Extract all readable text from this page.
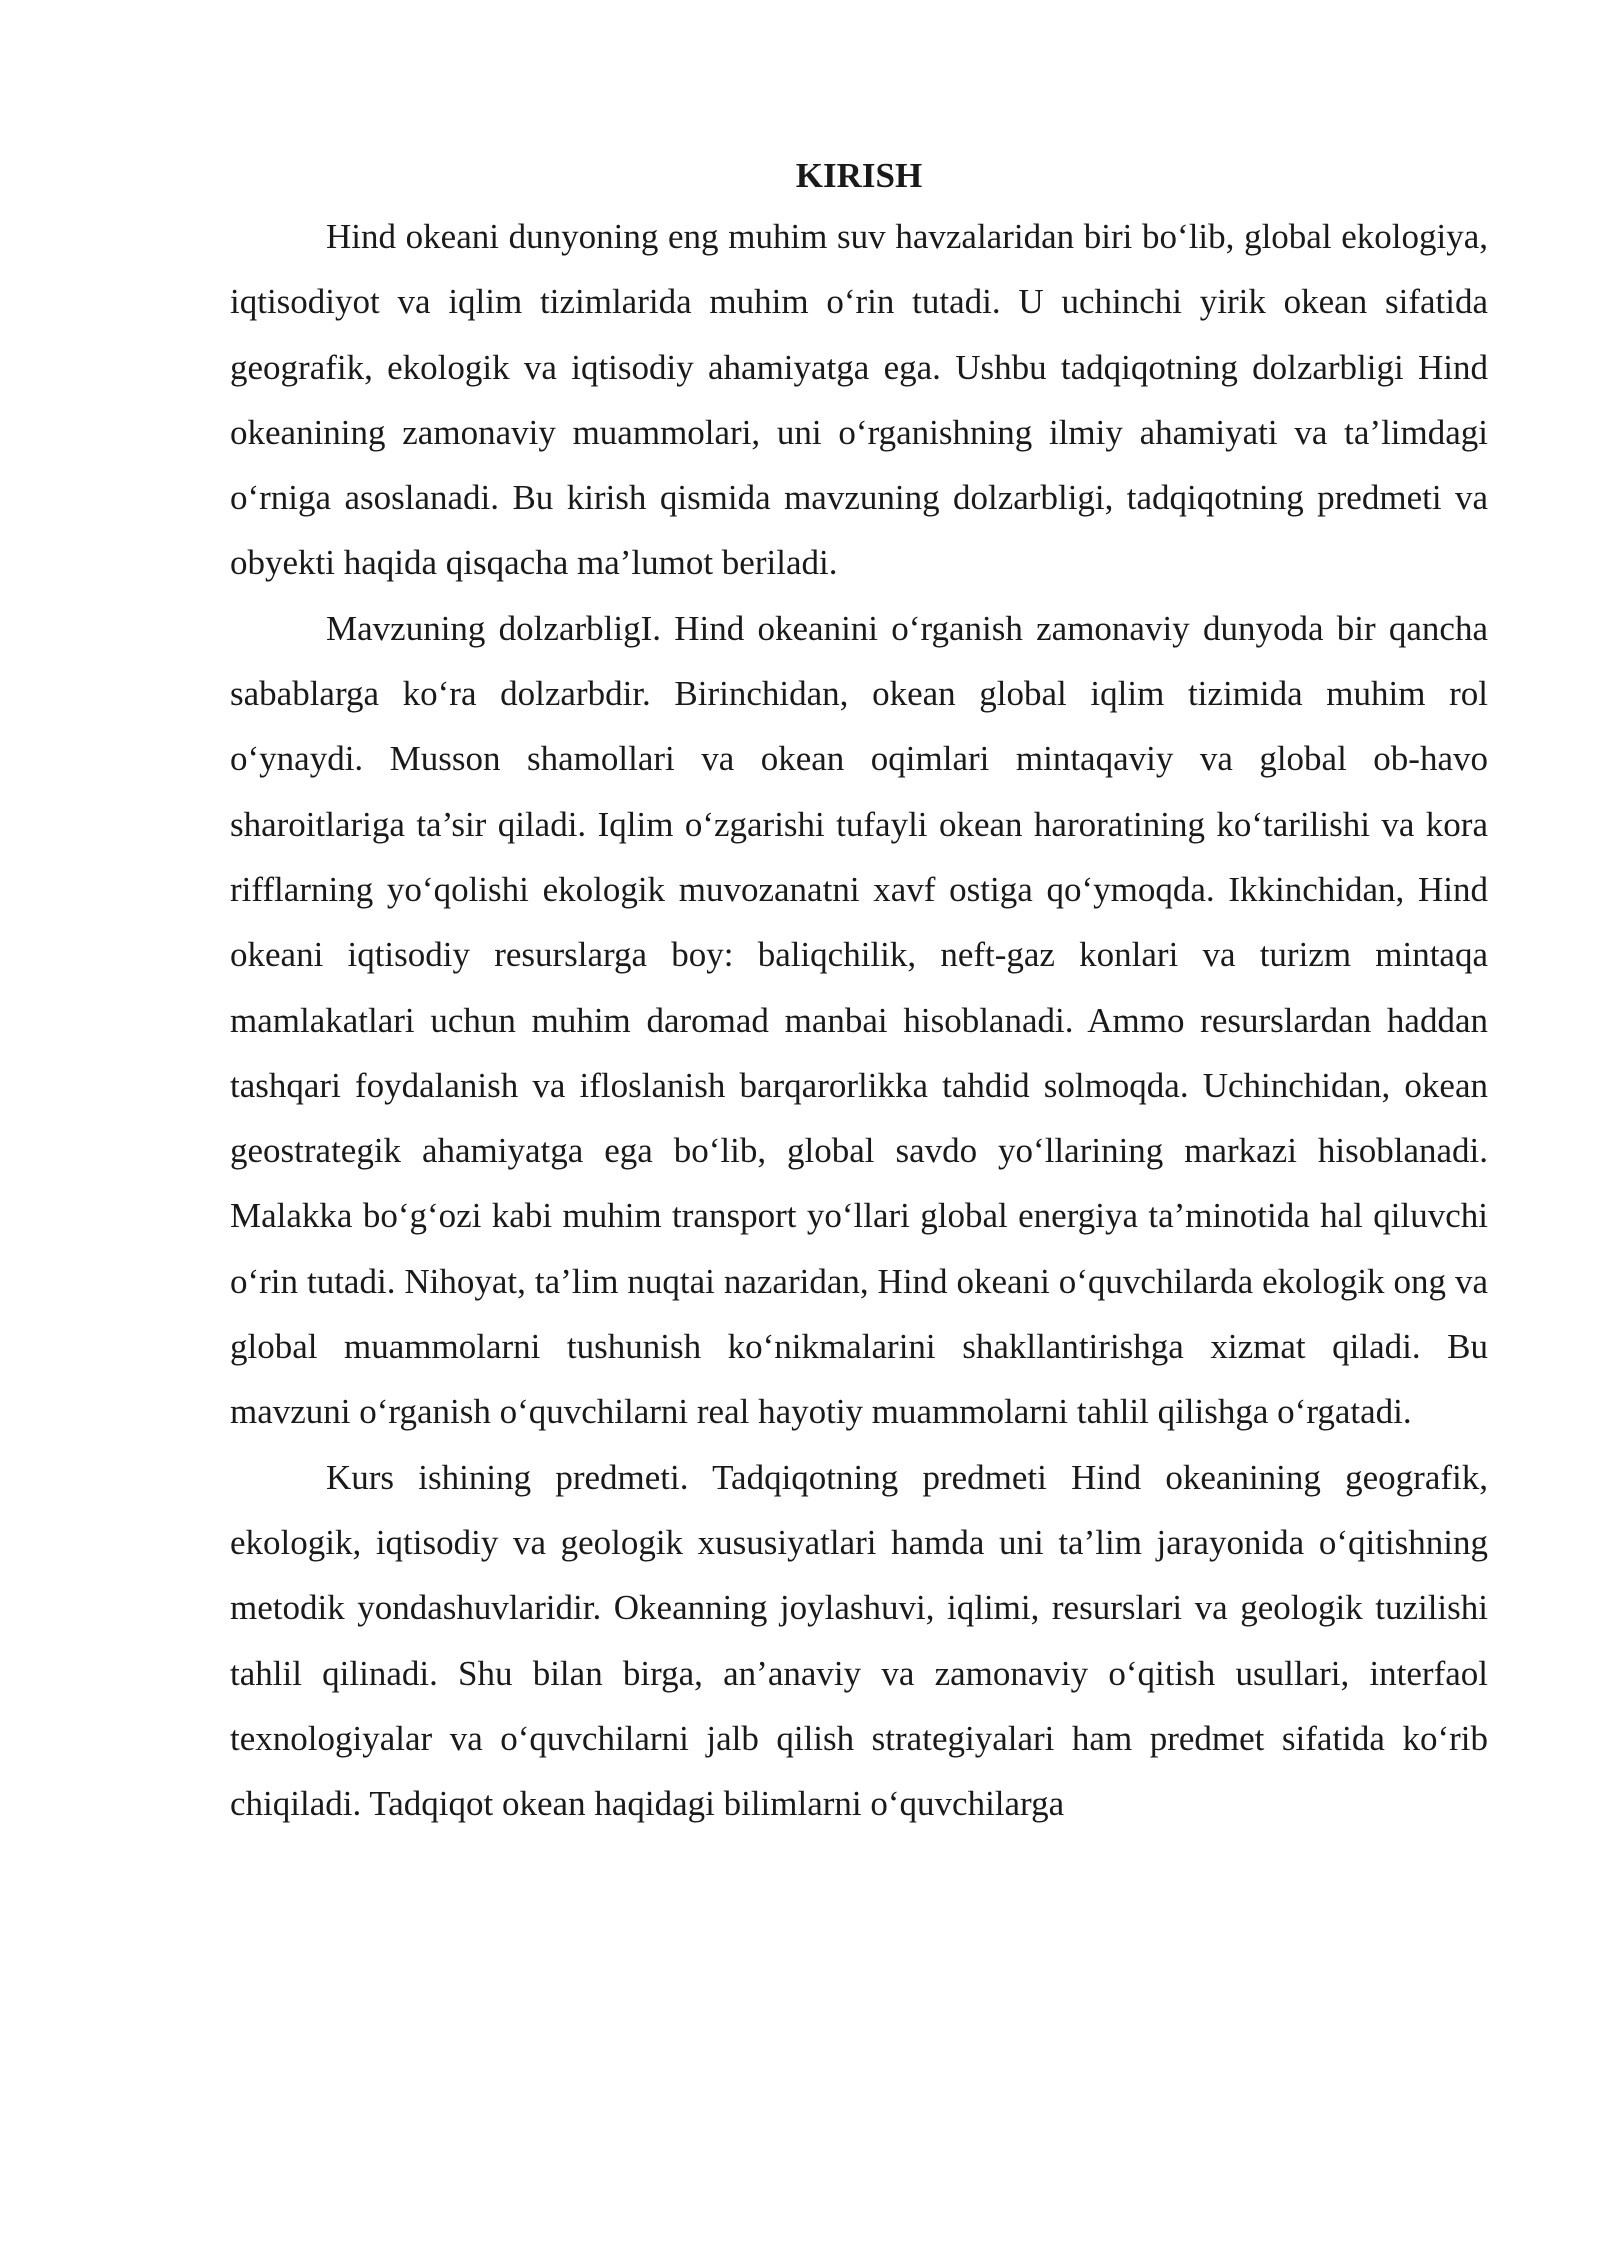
KIRISH

Hind okeani dunyoning eng muhim suv havzalaridan biri bo‘lib, global ekologiya, iqtisodiyot va iqlim tizimlarida muhim o‘rin tutadi. U uchinchi yirik okean sifatida geografik, ekologik va iqtisodiy ahamiyatga ega. Ushbu tadqiqotning dolzarbligi Hind okeanining zamonaviy muammolari, uni o‘rganishning ilmiy ahamiyati va ta’limdagi o‘rniga asoslanadi. Bu kirish qismida mavzuning dolzarbligi, tadqiqotning predmeti va obyekti haqida qisqacha ma’lumot beriladi.

Mavzuning dolzarbligI. Hind okeanini o‘rganish zamonaviy dunyoda bir qancha sabablarga ko‘ra dolzarbdir. Birinchidan, okean global iqlim tizimida muhim rol o‘ynaydi. Musson shamollari va okean oqimlari mintaqaviy va global ob-havo sharoitlariga ta’sir qiladi. Iqlim o‘zgarishi tufayli okean haroratining ko‘tarilishi va kora rifflarning yo‘qolishi ekologik muvozanatni xavf ostiga qo‘ymoqda. Ikkinchidan, Hind okeani iqtisodiy resurslarga boy: baliqchilik, neft-gaz konlari va turizm mintaqa mamlakatlari uchun muhim daromad manbai hisoblanadi. Ammo resurslardan haddan tashqari foydalanish va ifloslanish barqarorlikka tahdid solmoqda. Uchinchidan, okean geostrategik ahamiyatga ega bo‘lib, global savdo yo‘llarining markazi hisoblanadi. Malakka bo‘g‘ozi kabi muhim transport yo‘llari global energiya ta’minotida hal qiluvchi o‘rin tutadi. Nihoyat, ta’lim nuqtai nazaridan, Hind okeani o‘quvchilarda ekologik ong va global muammolarni tushunish ko‘nikmalarini shakllantirishga xizmat qiladi. Bu mavzuni o‘rganish o‘quvchilarni real hayotiy muammolarni tahlil qilishga o‘rgatadi.

Kurs ishining predmeti. Tadqiqotning predmeti Hind okeanining geografik, ekologik, iqtisodiy va geologik xususiyatlari hamda uni ta’lim jarayonida o‘qitishning metodik yondashuvlaridir. Okeanning joylashuvi, iqlimi, resurslari va geologik tuzilishi tahlil qilinadi. Shu bilan birga, an’anaviy va zamonaviy o‘qitish usullari, interfaol texnologiyalar va o‘quvchilarni jalb qilish strategiyalari ham predmet sifatida ko‘rib chiqiladi. Tadqiqot okean haqidagi bilimlarni o‘quvchilarga
